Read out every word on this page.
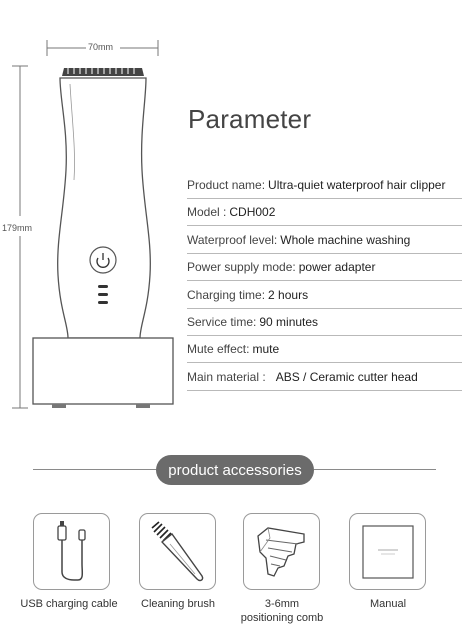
70mm
179mm
Parameter
Product name: Ultra-quiet waterproof hair clipper
Model : CDH002
Waterproof level: Whole machine washing
Power supply mode: power adapter
Charging time: 2 hours
Service time: 90 minutes
Mute effect: mute
Main material : ABS / Ceramic cutter head
product accessories
USB charging cable	Cleaning brush	3-6mm
positioning comb
Manual
